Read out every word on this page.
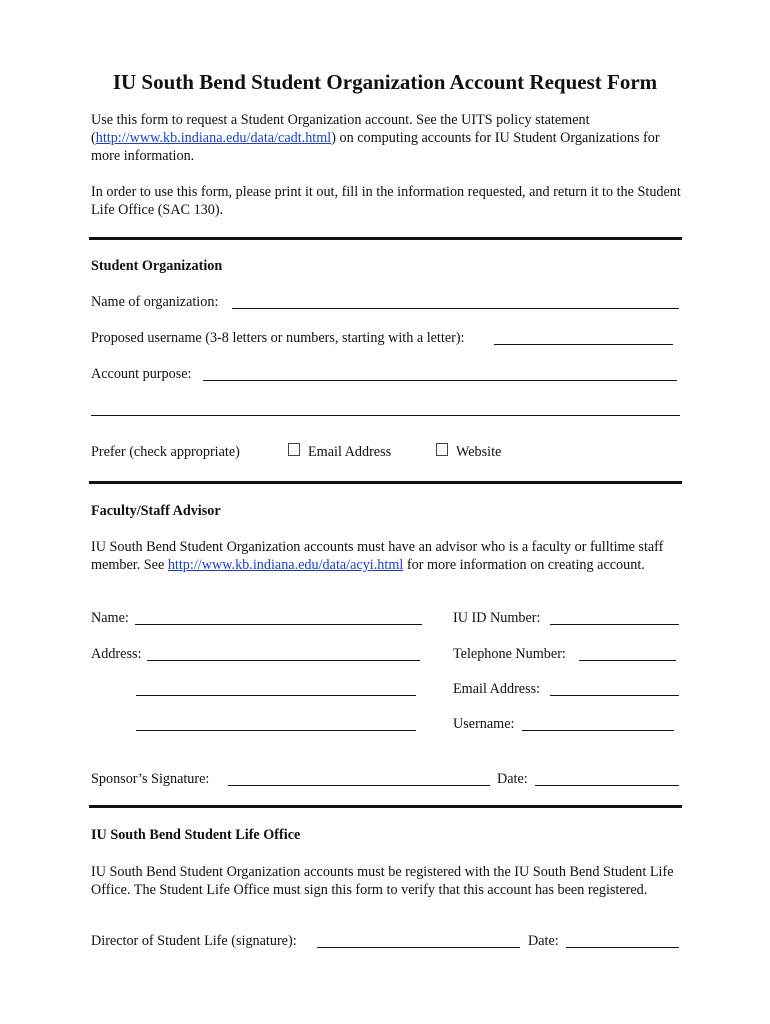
IU South Bend Student Organization Account Request Form
Use this form to request a Student Organization account. See the UITS policy statement (http://www.kb.indiana.edu/data/cadt.html) on computing accounts for IU Student Organizations for more information.
In order to use this form, please print it out, fill in the information requested, and return it to the Student Life Office (SAC 130).
Student Organization
Name of organization:
Proposed username (3-8 letters or numbers, starting with a letter):
Account purpose:
Prefer (check appropriate)	Email Address	Website
Faculty/Staff Advisor
IU South Bend Student Organization accounts must have an advisor who is a faculty or fulltime staff member. See http://www.kb.indiana.edu/data/acyi.html for more information on creating account.
Name:	IU ID Number:
Address:	Telephone Number:
Email Address:
Username:
Sponsor’s Signature:	Date:
IU South Bend Student Life Office
IU South Bend Student Organization accounts must be registered with the IU South Bend Student Life Office. The Student Life Office must sign this form to verify that this account has been registered.
Director of Student Life (signature):	Date:
